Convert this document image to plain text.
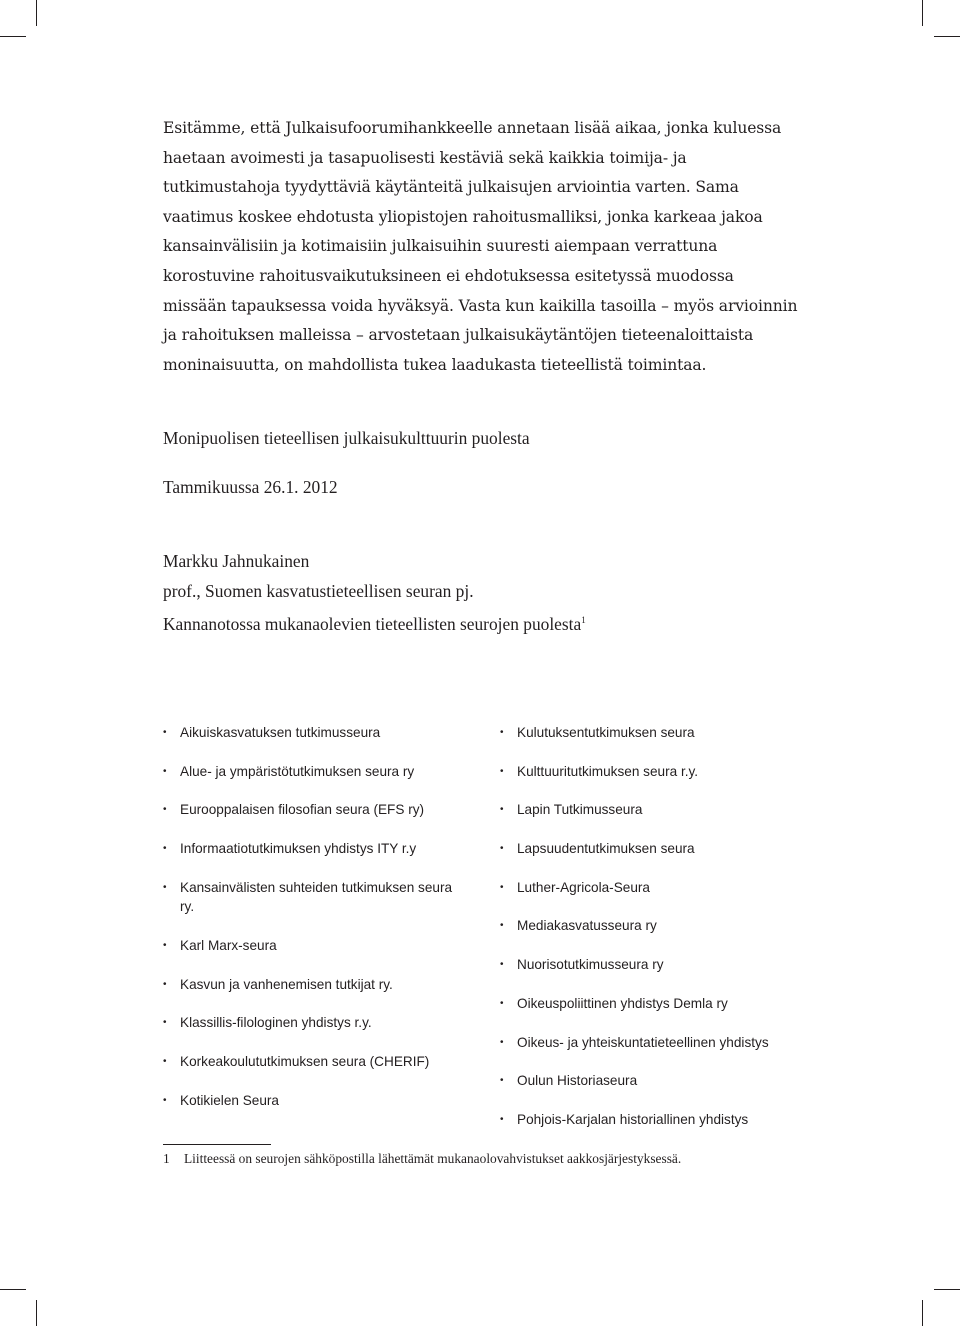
Esitämme, että Julkaisufoorumihankkeelle annetaan lisää aikaa, jonka kuluessa haetaan avoimesti ja tasapuolisesti kestäviä sekä kaikkia toimija- ja tutkimustahoja tyydyttäviä käytänteitä julkaisujen arviointia varten. Sama vaatimus koskee ehdotusta yliopistojen rahoitusmalliksi, jonka karkeaa jakoa kansainvälisiin ja kotimaisiin julkaisuihin suuresti aiempaan verrattuna korostuvine rahoitusvaikutuksineen ei ehdotuksessa esitetyssä muodossa missään tapauksessa voida hyväksyä. Vasta kun kaikilla tasoilla – myös arvioinnin ja rahoituksen malleissa – arvostetaan julkaisukäytäntöjen tieteenaloittaista moninaisuutta, on mahdollista tukea laadukasta tieteellistä toimintaa.

Monipuolisen tieteellisen julkaisukulttuurin puolesta

Tammikuussa 26.1. 2012

Markku Jahnukainen

prof., Suomen kasvatustieteellisen seuran pj.

Kannanotossa mukanaolevien tieteellisten seurojen puolesta$^1$

• Aikuiskasvatuksen tutkimusseura
• Alue- ja ympäristötutkimuksen seura ry
• Eurooppalaisen filosofian seura (EFS ry)
• Informaatiotutkimuksen yhdistys ITY r.y
• Kansainvälisten suhteiden tutkimuksen seura ry.
• Karl Marx-seura
• Kasvun ja vanhenemisen tutkijat ry.
• Klassillis-filologinen yhdistys r.y.
• Korkeakoulututkimuksen seura (CHERIF)
• Kotikielen Seura
• Kulutuksentutkimuksen seura
• Kulttuuritutkimuksen seura r.y.
• Lapin Tutkimusseura
• Lapsuudentutkimuksen seura
• Luther-Agricola-Seura
• Mediakasvatusseura ry
• Nuorisotutkimusseura ry
• Oikeuspoliittinen yhdistys Demla ry
• Oikeus- ja yhteiskuntatieteellinen yhdistys
• Oulun Historiaseura
• Pohjois-Karjalan historiallinen yhdistys

1 Liitteessä on seurojen sähköpostilla lähettämät mukanaolovahvistukset aakkosjärjestyksessä.
